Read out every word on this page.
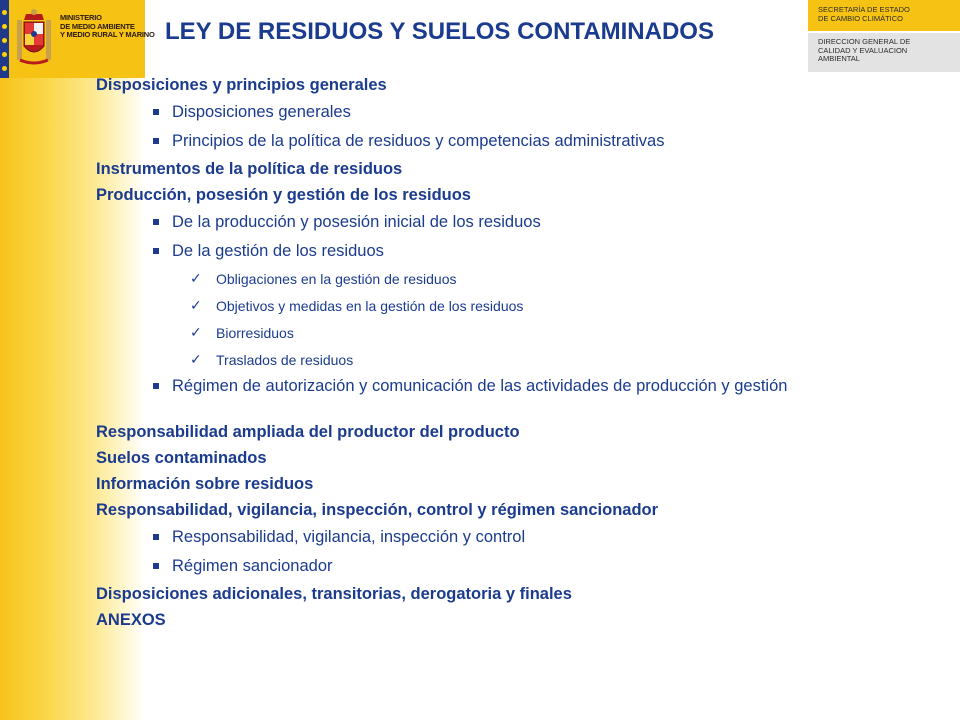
MINISTERIO
DE MEDIO AMBIENTE
Y MEDIO RURAL Y MARINO LEY DE RESIDUOS Y SUELOS CONTAMINADOS
SECRETARÍA DE ESTADO
DE CAMBIO CLIMÁTICO
DIRECCION GENERAL DE
CALIDAD Y EVALUACION
AMBIENTAL
Disposiciones y principios generales
Disposiciones generales
Principios de la política de residuos y competencias administrativas
Instrumentos de la política de residuos
Producción, posesión y gestión de los residuos
De la producción y posesión inicial de los residuos
De la gestión de los residuos
✓ Obligaciones en la gestión de residuos
✓ Objetivos y medidas en la gestión de los residuos
✓ Biorresiduos
✓ Traslados de residuos
Régimen de autorización y comunicación de las actividades de producción y gestión
Responsabilidad ampliada del productor del producto
Suelos contaminados
Información sobre residuos
Responsabilidad, vigilancia, inspección, control y régimen sancionador
Responsabilidad, vigilancia, inspección y control
Régimen sancionador
Disposiciones adicionales, transitorias, derogatoria y finales
ANEXOS
